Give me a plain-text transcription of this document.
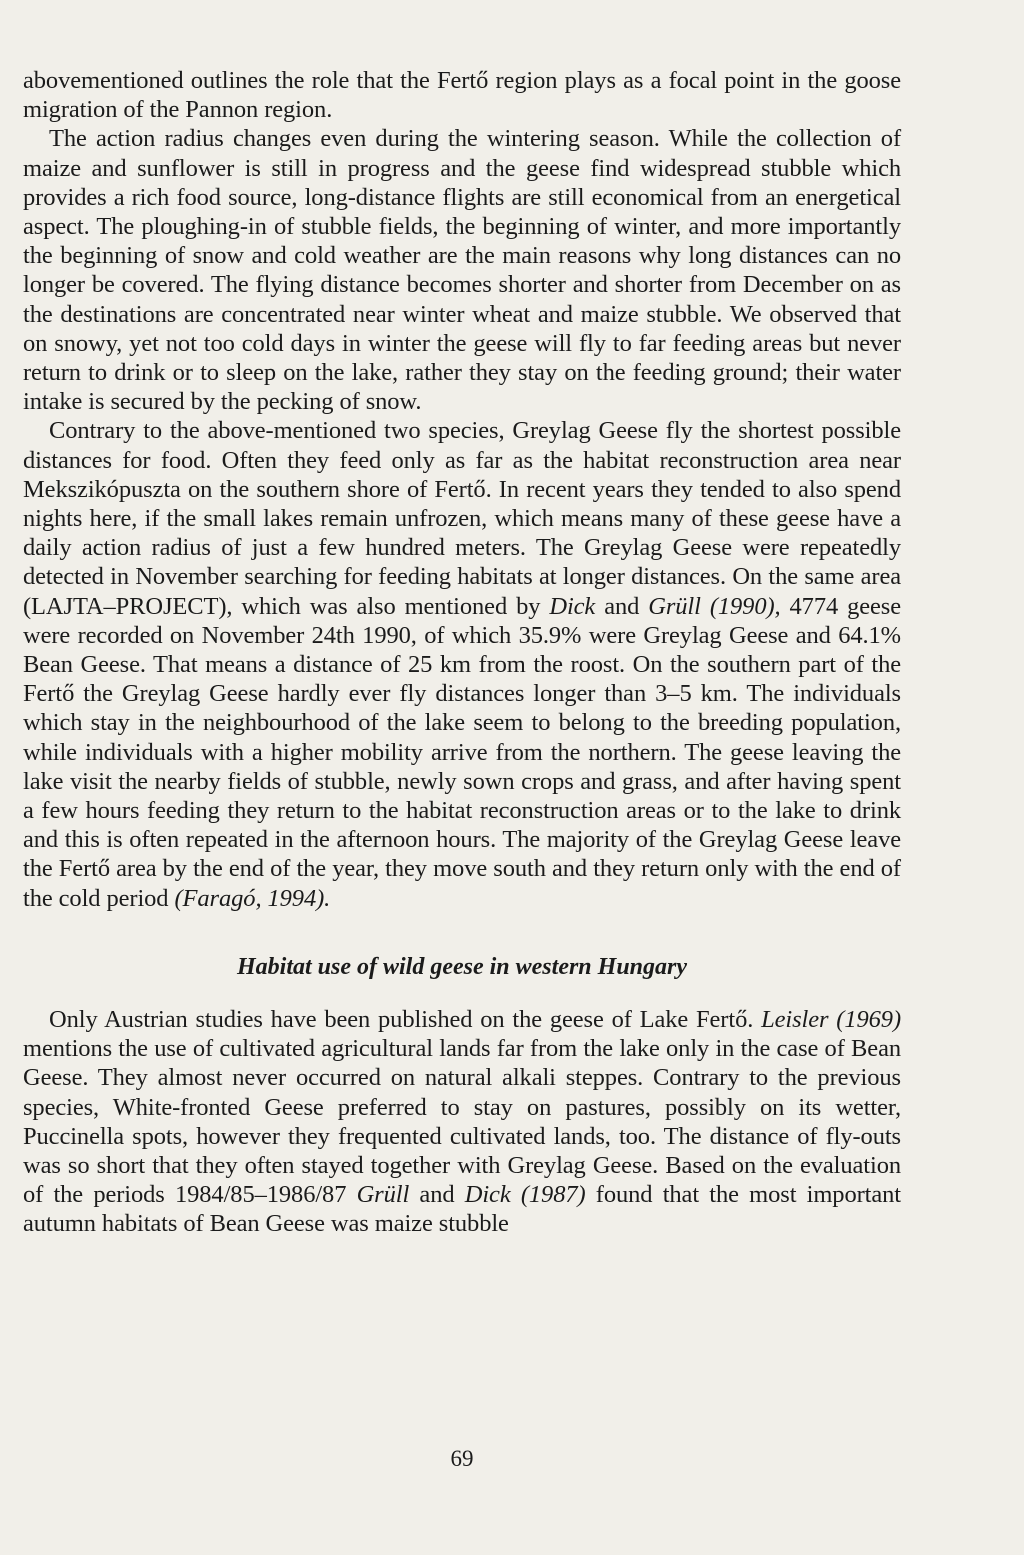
abovementioned outlines the role that the Fertő region plays as a focal point in the goose migration of the Pannon region.

The action radius changes even during the wintering season. While the collection of maize and sunflower is still in progress and the geese find widespread stubble which provides a rich food source, long-distance flights are still economical from an energetical aspect. The ploughing-in of stubble fields, the beginning of winter, and more importantly the beginning of snow and cold weather are the main reasons why long distances can no longer be covered. The flying distance becomes shorter and shorter from December on as the destinations are concentrated near winter wheat and maize stubble. We observed that on snowy, yet not too cold days in winter the geese will fly to far feeding areas but never return to drink or to sleep on the lake, rather they stay on the feeding ground; their water intake is secured by the pecking of snow.

Contrary to the above-mentioned two species, Greylag Geese fly the shortest possible distances for food. Often they feed only as far as the habitat reconstruction area near Mekszikópuszta on the southern shore of Fertő. In recent years they tended to also spend nights here, if the small lakes remain unfrozen, which means many of these geese have a daily action radius of just a few hundred meters. The Greylag Geese were repeatedly detected in November searching for feeding habitats at longer distances. On the same area (LAJTA–PROJECT), which was also mentioned by Dick and Grüll (1990), 4774 geese were recorded on November 24th 1990, of which 35.9% were Greylag Geese and 64.1% Bean Geese. That means a distance of 25 km from the roost. On the southern part of the Fertő the Greylag Geese hardly ever fly distances longer than 3–5 km. The individuals which stay in the neighbourhood of the lake seem to belong to the breeding population, while individuals with a higher mobility arrive from the northern. The geese leaving the lake visit the nearby fields of stubble, newly sown crops and grass, and after having spent a few hours feeding they return to the habitat reconstruction areas or to the lake to drink and this is often repeated in the afternoon hours. The majority of the Greylag Geese leave the Fertő area by the end of the year, they move south and they return only with the end of the cold period (Faragó, 1994).

Habitat use of wild geese in western Hungary

Only Austrian studies have been published on the geese of Lake Fertő. Leisler (1969) mentions the use of cultivated agricultural lands far from the lake only in the case of Bean Geese. They almost never occurred on natural alkali steppes. Contrary to the previous species, White-fronted Geese preferred to stay on pastures, possibly on its wetter, Puccinella spots, however they frequented cultivated lands, too. The distance of fly-outs was so short that they often stayed together with Greylag Geese. Based on the evaluation of the periods 1984/85–1986/87 Grüll and Dick (1987) found that the most important autumn habitats of Bean Geese was maize stubble

69
